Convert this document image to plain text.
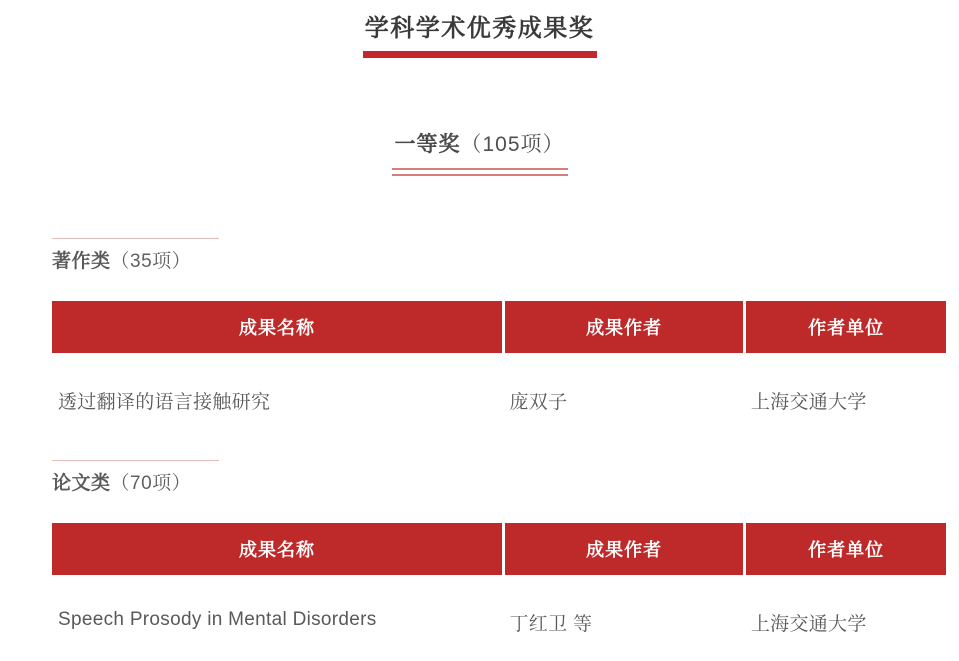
学科学术优秀成果奖
一等奖（105项）
著作类（35项）
成果名称	成果作者	作者单位
透过翻译的语言接触研究	庞双子	上海交通大学
论文类（70项）
成果名称	成果作者	作者单位
Speech Prosody in Mental Disorders	丁红卫 等	上海交通大学
